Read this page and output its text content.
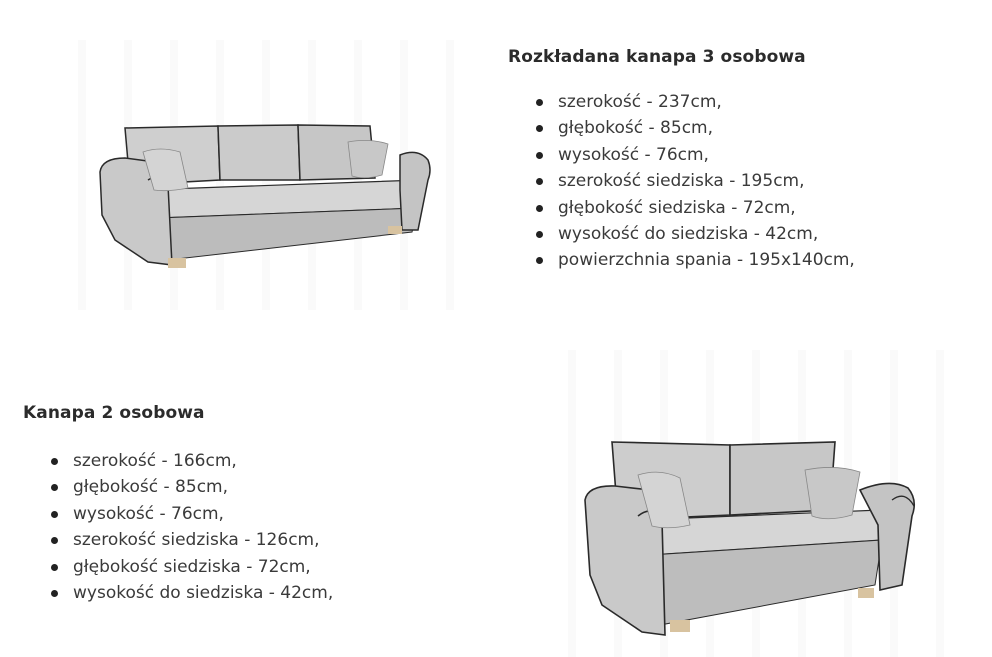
Rozkładana kanapa 3 osobowa
szerokość - 237cm,
głębokość - 85cm,
wysokość - 76cm,
szerokość siedziska - 195cm,
głębokość siedziska - 72cm,
wysokość do siedziska - 42cm,
powierzchnia spania - 195x140cm,
Kanapa 2 osobowa
szerokość - 166cm,
głębokość - 85cm,
wysokość - 76cm,
szerokość siedziska - 126cm,
głębokość siedziska - 72cm,
wysokość do siedziska - 42cm,
